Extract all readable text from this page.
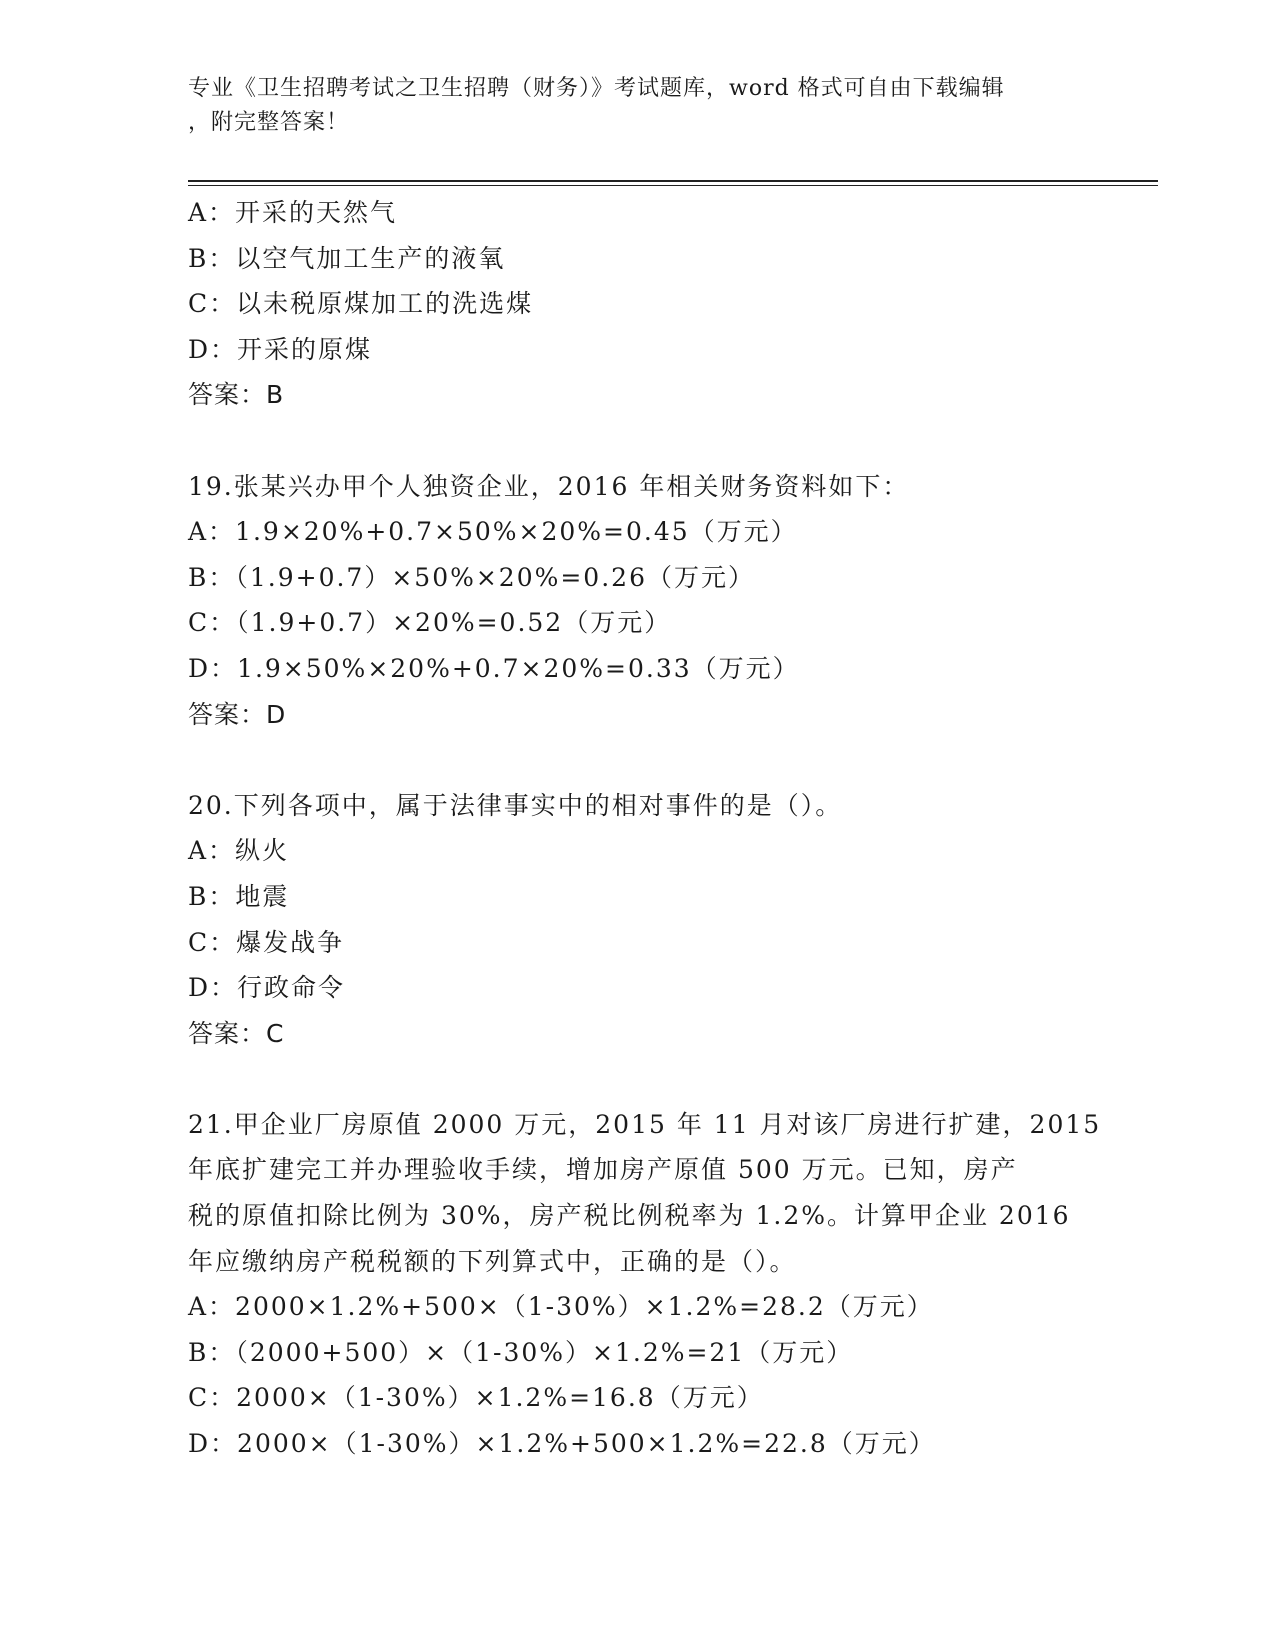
专业《卫生招聘考试之卫生招聘（财务）》考试题库，word 格式可自由下载编辑
，附完整答案！
A：开采的天然气
B：以空气加工生产的液氧
C：以未税原煤加工的洗选煤
D：开采的原煤
答案：B
19.张某兴办甲个人独资企业，2016 年相关财务资料如下：
A：1.9×20%+0.7×50%×20%=0.45（万元）
B：（1.9+0.7）×50%×20%=0.26（万元）
C：（1.9+0.7）×20%=0.52（万元）
D：1.9×50%×20%+0.7×20%=0.33（万元）
答案：D
20.下列各项中，属于法律事实中的相对事件的是（）。
A：纵火
B：地震
C：爆发战争
D：行政命令
答案：C
21.甲企业厂房原值 2000 万元，2015 年 11 月对该厂房进行扩建，2015
年底扩建完工并办理验收手续，增加房产原值 500 万元。已知，房产
税的原值扣除比例为 30%，房产税比例税率为 1.2%。计算甲企业 2016
年应缴纳房产税税额的下列算式中，正确的是（）。
A：2000×1.2%+500×（1-30%）×1.2%=28.2（万元）
B：（2000+500）×（1-30%）×1.2%=21（万元）
C：2000×（1-30%）×1.2%=16.8（万元）
D：2000×（1-30%）×1.2%+500×1.2%=22.8（万元）
